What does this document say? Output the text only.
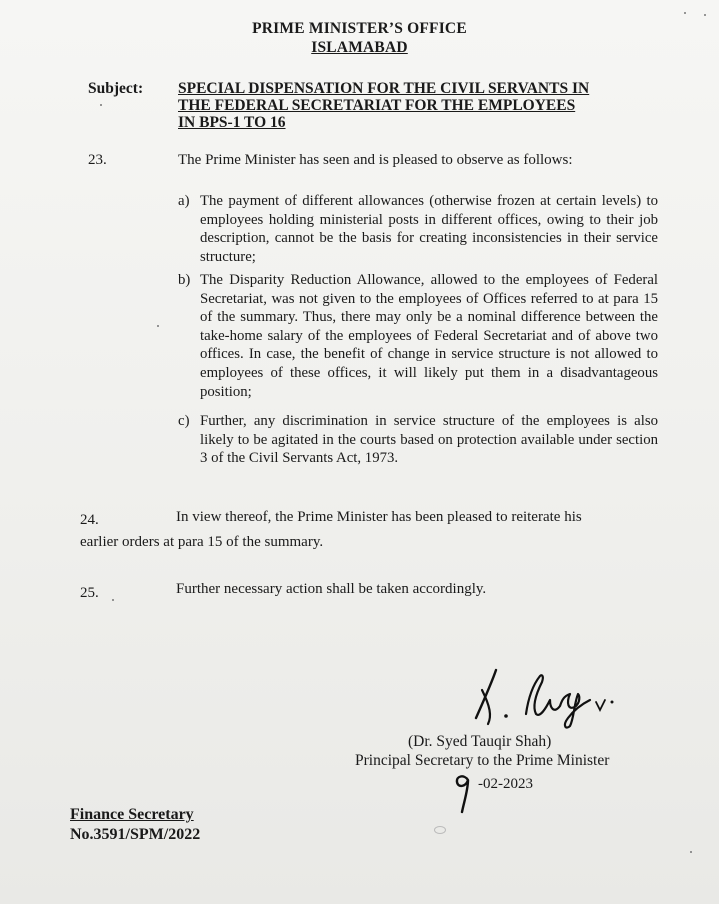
PRIME MINISTER’S OFFICE
ISLAMABAD
Subject: SPECIAL DISPENSATION FOR THE CIVIL SERVANTS IN
THE FEDERAL SECRETARIAT FOR THE EMPLOYEES
IN BPS-1 TO 16
23.	The Prime Minister has seen and is pleased to observe as follows:
a) The payment of different allowances (otherwise frozen at certain levels) to employees holding ministerial posts in different offices, owing to their job description, cannot be the basis for creating inconsistencies in their service structure;
b) The Disparity Reduction Allowance, allowed to the employees of Federal Secretariat, was not given to the employees of Offices referred to at para 15 of the summary. Thus, there may only be a nominal difference between the take-home salary of the employees of Federal Secretariat and of above two offices. In case, the benefit of change in service structure is not allowed to employees of these offices, it will likely put them in a disadvantageous position;
c) Further, any discrimination in service structure of the employees is also likely to be agitated in the courts based on protection available under section 3 of the Civil Servants Act, 1973.
24.	In view thereof, the Prime Minister has been pleased to reiterate his
earlier orders at para 15 of the summary.
25.	Further necessary action shall be taken accordingly.
(Dr. Syed Tauqir Shah)
Principal Secretary to the Prime Minister
-02-2023
Finance Secretary
No.3591/SPM/2022
